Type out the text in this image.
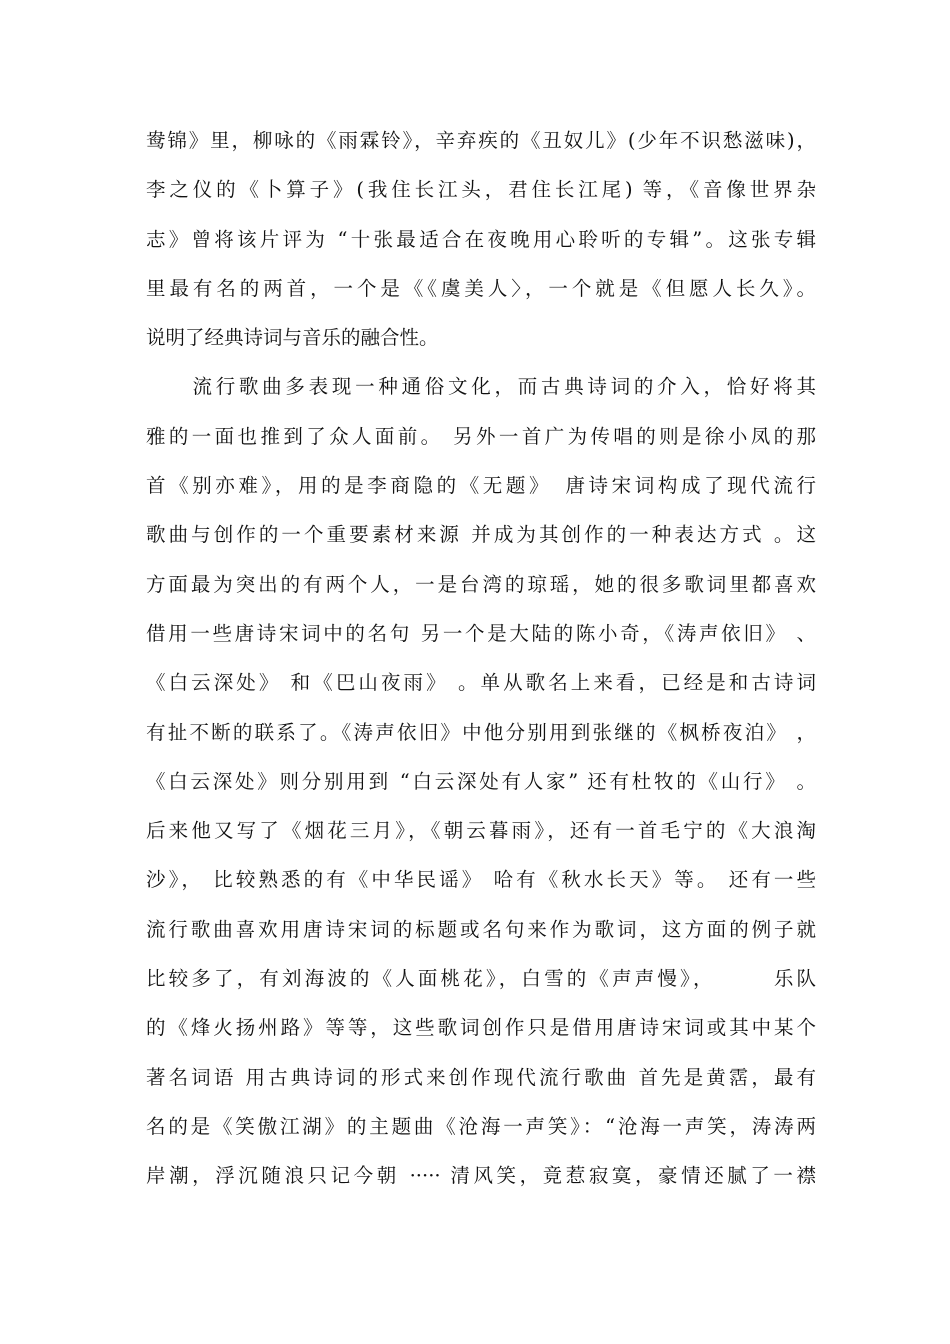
鸯锦》里，柳咏的《雨霖铃》，辛弃疾的《丑奴儿》(少年不识愁滋味)，
李之仪的《卜算子》(我住长江头，君住长江尾) 等，《音像世界杂
志》曾将该片评为 “十张最适合在夜晚用心聆听的专辑”。这张专辑
里最有名的两首，一个是《《虞美人〉，一个就是《但愿人长久》。
说明了经典诗词与音乐的融合性。
　　流行歌曲多表现一种通俗文化，而古典诗词的介入，恰好将其
雅的一面也推到了众人面前。 另外一首广为传唱的则是徐小凤的那
首《别亦难》，用的是李商隐的《无题》　唐诗宋词构成了现代流行
歌曲与创作的一个重要素材来源 并成为其创作的一种表达方式 。这
方面最为突出的有两个人，一是台湾的琼瑶，她的很多歌词里都喜欢
借用一些唐诗宋词中的名句 另一个是大陆的陈小奇，《涛声依旧》 、
《白云深处》 和《巴山夜雨》 。单从歌名上来看，已经是和古诗词
有扯不断的联系了。《涛声依旧》中他分别用到张继的《枫桥夜泊》 ，
《白云深处》则分别用到 “白云深处有人家” 还有杜牧的《山行》 。
后来他又写了《烟花三月》，《朝云暮雨》，还有一首毛宁的《大浪淘
沙》， 比较熟悉的有《中华民谣》 哈有《秋水长天》等。 还有一些
流行歌曲喜欢用唐诗宋词的标题或名句来作为歌词，这方面的例子就
比较多了，有刘海波的《人面桃花》，白雪的《声声慢》，　　　乐队
的《烽火扬州路》等等，这些歌词创作只是借用唐诗宋词或其中某个
著名词语 用古典诗词的形式来创作现代流行歌曲 首先是黄霑，最有
名的是《笑傲江湖》的主题曲《沧海一声笑》：“沧海一声笑，涛涛两
岸潮，浮沉随浪只记今朝 ····· 清风笑，竟惹寂寞，豪情还腻了一襟
